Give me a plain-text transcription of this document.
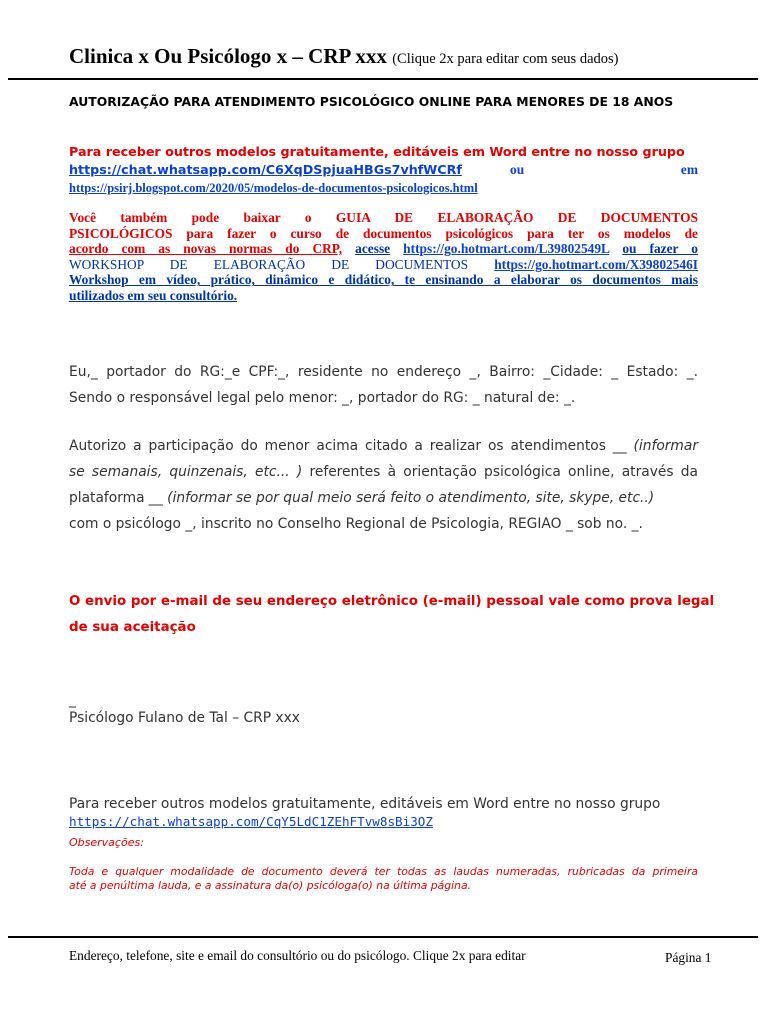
Clinica x Ou Psicólogo x – CRP xxx (Clique 2x para editar com seus dados)
AUTORIZAÇÃO PARA ATENDIMENTO PSICOLÓGICO ONLINE PARA MENORES DE 18 ANOS
Para receber outros modelos gratuitamente, editáveis em Word entre no nosso grupo
https://chat.whatsapp.com/C6XqDSpjuaHBGs7vhfWCRf	ou	em
https://psirj.blogspot.com/2020/05/modelos-de-documentos-psicologicos.html
Você também pode baixar o GUIA DE ELABORAÇÃO DE DOCUMENTOS
PSICOLÓGICOS para fazer o curso de documentos psicológicos para ter os modelos de
acordo com as novas normas do CRP, acesse https://go.hotmart.com/L39802549L ou fazer o
WORKSHOP DE ELABORAÇÃO DE DOCUMENTOS https://go.hotmart.com/X39802546I
Workshop em vídeo, prático, dinâmico e didático, te ensinando a elaborar os documentos mais
utilizados em seu consultório.
Eu,_ portador do RG:_e CPF:_, residente no endereço _, Bairro: _Cidade: _ Estado: _.
Sendo o responsável legal pelo menor: _, portador do RG: _ natural de: _.
Autorizo a participação do menor acima citado a realizar os atendimentos __ (informar
se semanais, quinzenais, etc... ) referentes à orientação psicológica online, através da
plataforma __ (informar se por qual meio será feito o atendimento, site, skype, etc..)
com o psicólogo _, inscrito no Conselho Regional de Psicologia, REGIAO _ sob no. _.
O envio por e-mail de seu endereço eletrônico (e-mail) pessoal vale como prova legal
de sua aceitação
_
Psicólogo Fulano de Tal – CRP xxx
Para receber outros modelos gratuitamente, editáveis em Word entre no nosso grupo
https://chat.whatsapp.com/CqY5LdC1ZEhFTvw8sBi3OZ
Observações:
Toda e qualquer modalidade de documento deverá ter todas as laudas numeradas, rubricadas da primeira
até a penúltima lauda, e a assinatura da(o) psicóloga(o) na última página.
Endereço, telefone, site e email do consultório ou do psicólogo. Clique 2x para editar	Página 1
